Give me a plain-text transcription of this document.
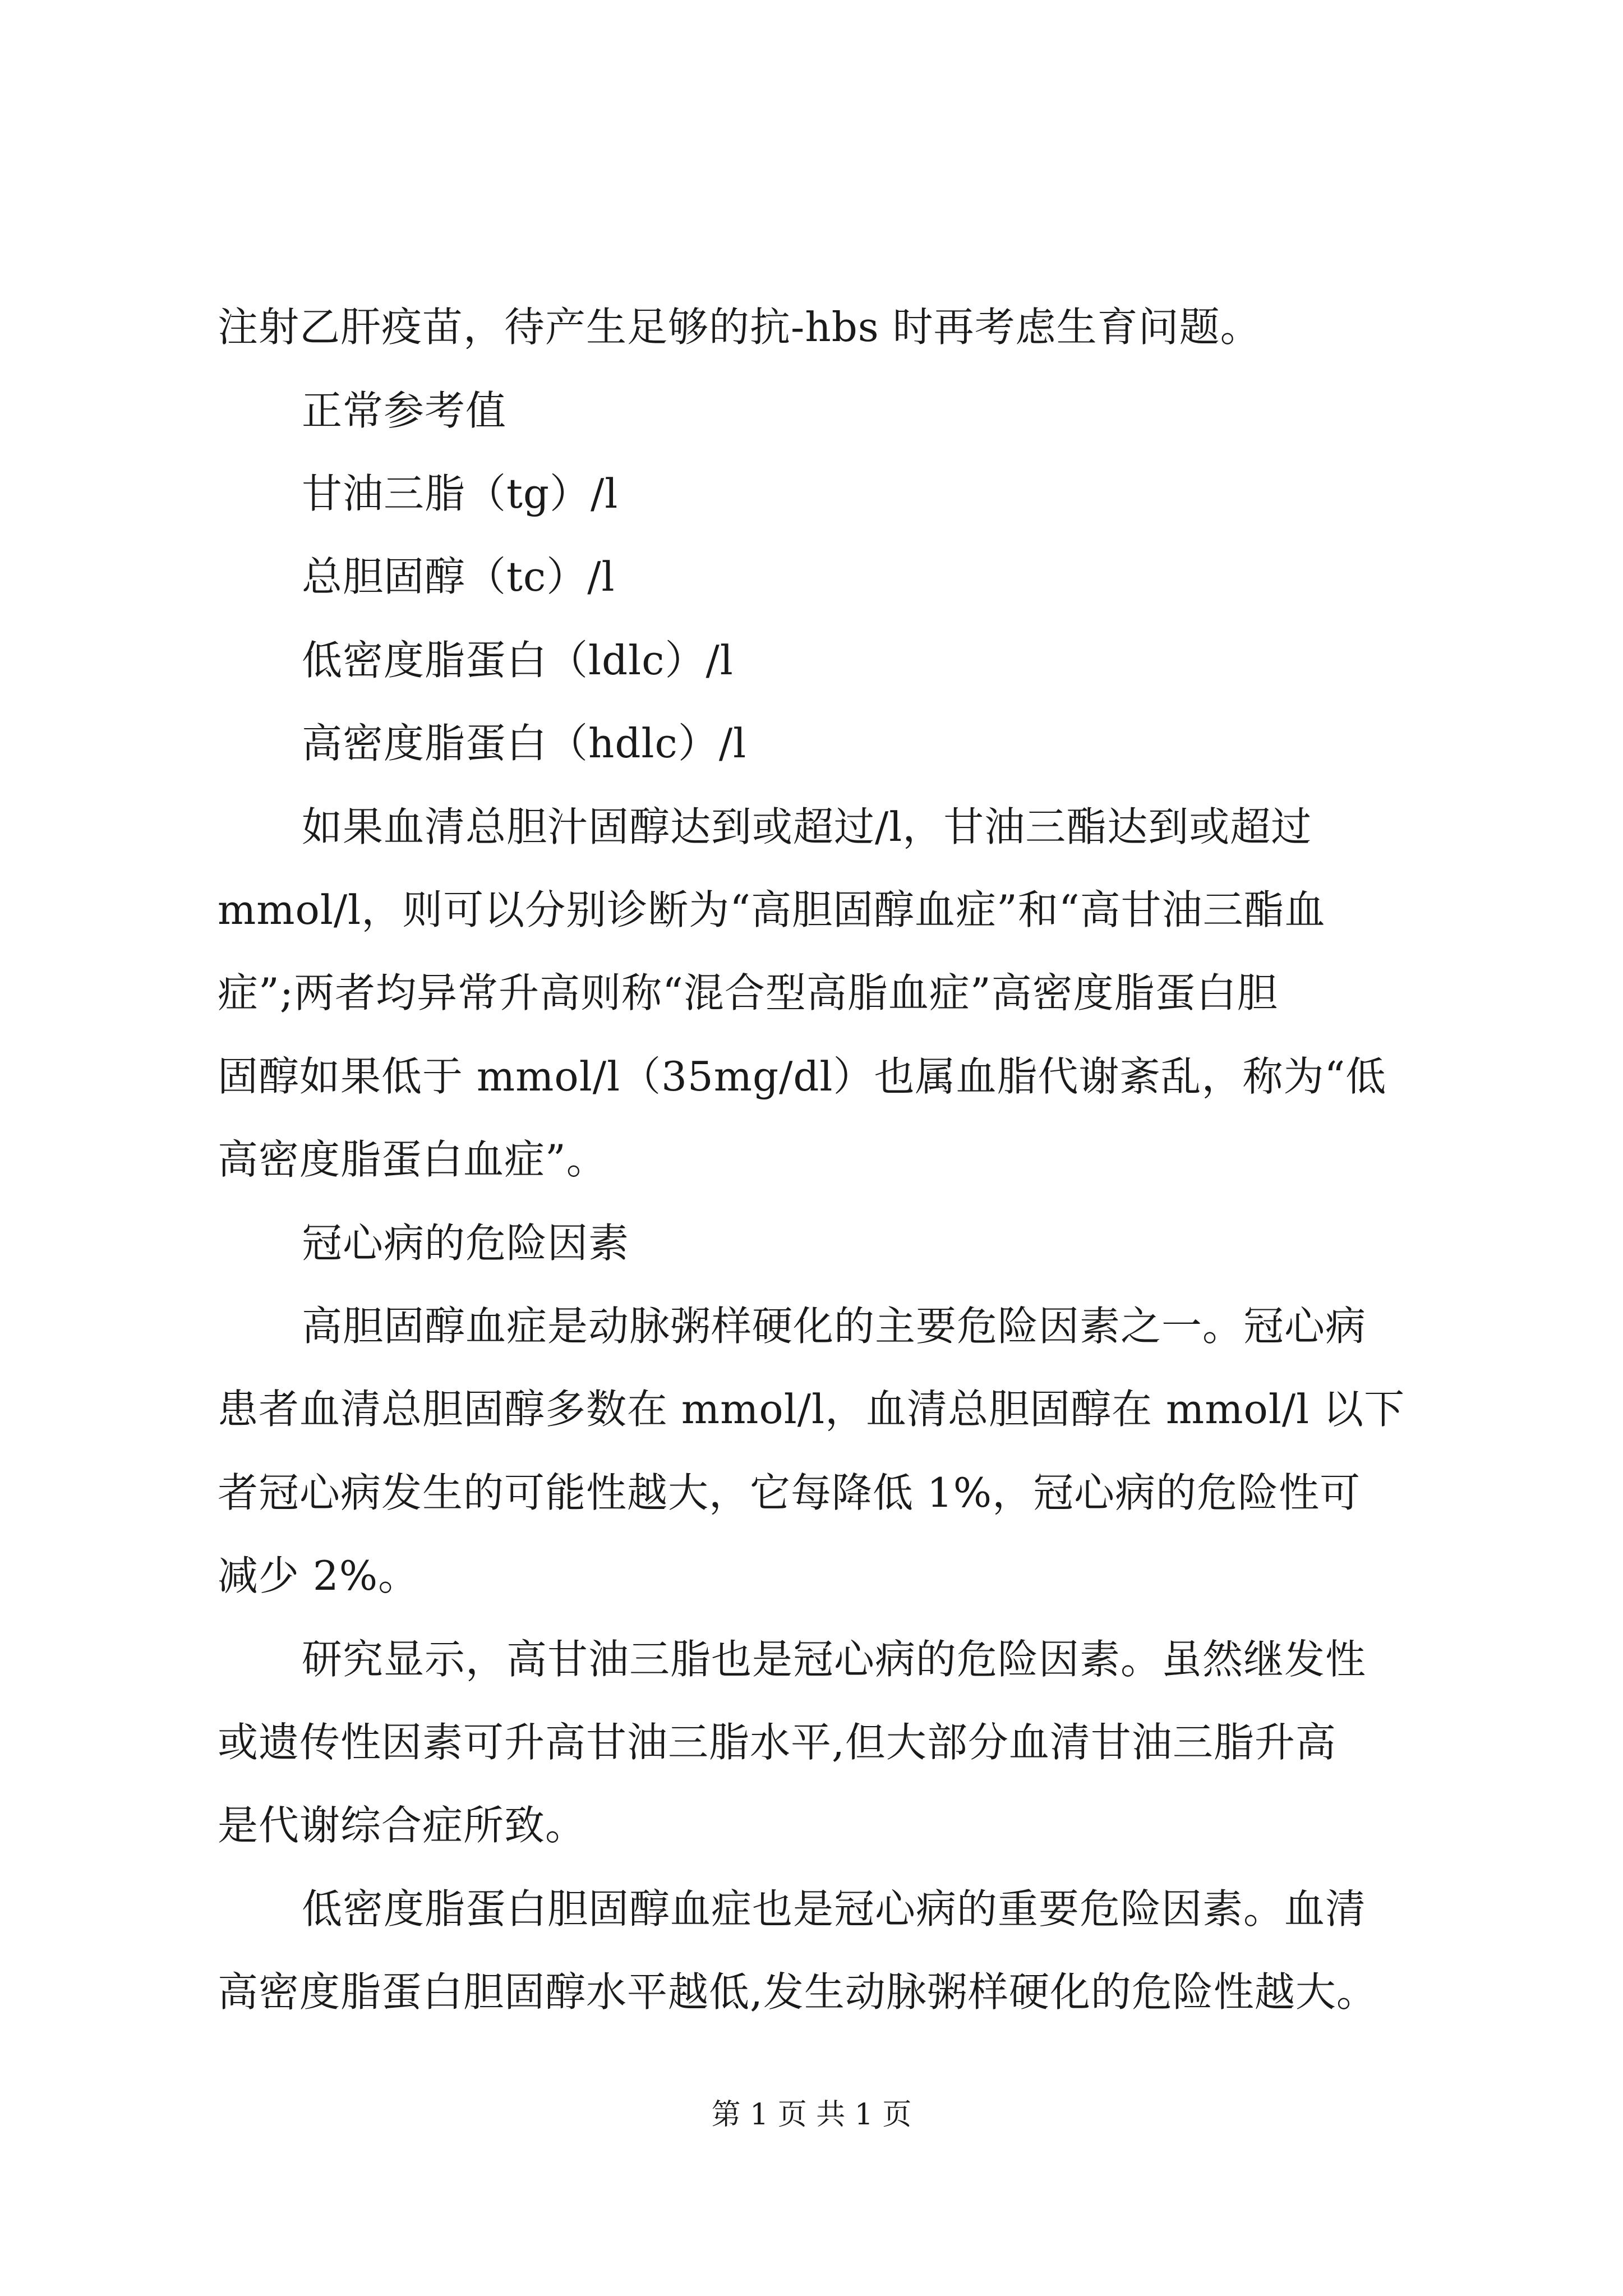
注射乙肝疫苗，待产生足够的抗-hbs 时再考虑生育问题。
正常参考值
甘油三脂（tg）/l
总胆固醇（tc）/l
低密度脂蛋白（ldlc）/l
高密度脂蛋白（hdlc）/l
如果血清总胆汁固醇达到或超过/l，甘油三酯达到或超过
mmol/l，则可以分别诊断为“高胆固醇血症”和“高甘油三酯血
症”;两者均异常升高则称“混合型高脂血症”高密度脂蛋白胆
固醇如果低于 mmol/l（35mg/dl）也属血脂代谢紊乱，称为“低
高密度脂蛋白血症”。
冠心病的危险因素
高胆固醇血症是动脉粥样硬化的主要危险因素之一。冠心病
患者血清总胆固醇多数在 mmol/l，血清总胆固醇在 mmol/l 以下
者冠心病发生的可能性越大，它每降低 1%，冠心病的危险性可
减少 2%。
研究显示，高甘油三脂也是冠心病的危险因素。虽然继发性
或遗传性因素可升高甘油三脂水平,但大部分血清甘油三脂升高
是代谢综合症所致。
低密度脂蛋白胆固醇血症也是冠心病的重要危险因素。血清
高密度脂蛋白胆固醇水平越低,发生动脉粥样硬化的危险性越大。
第 1 页 共 1 页
